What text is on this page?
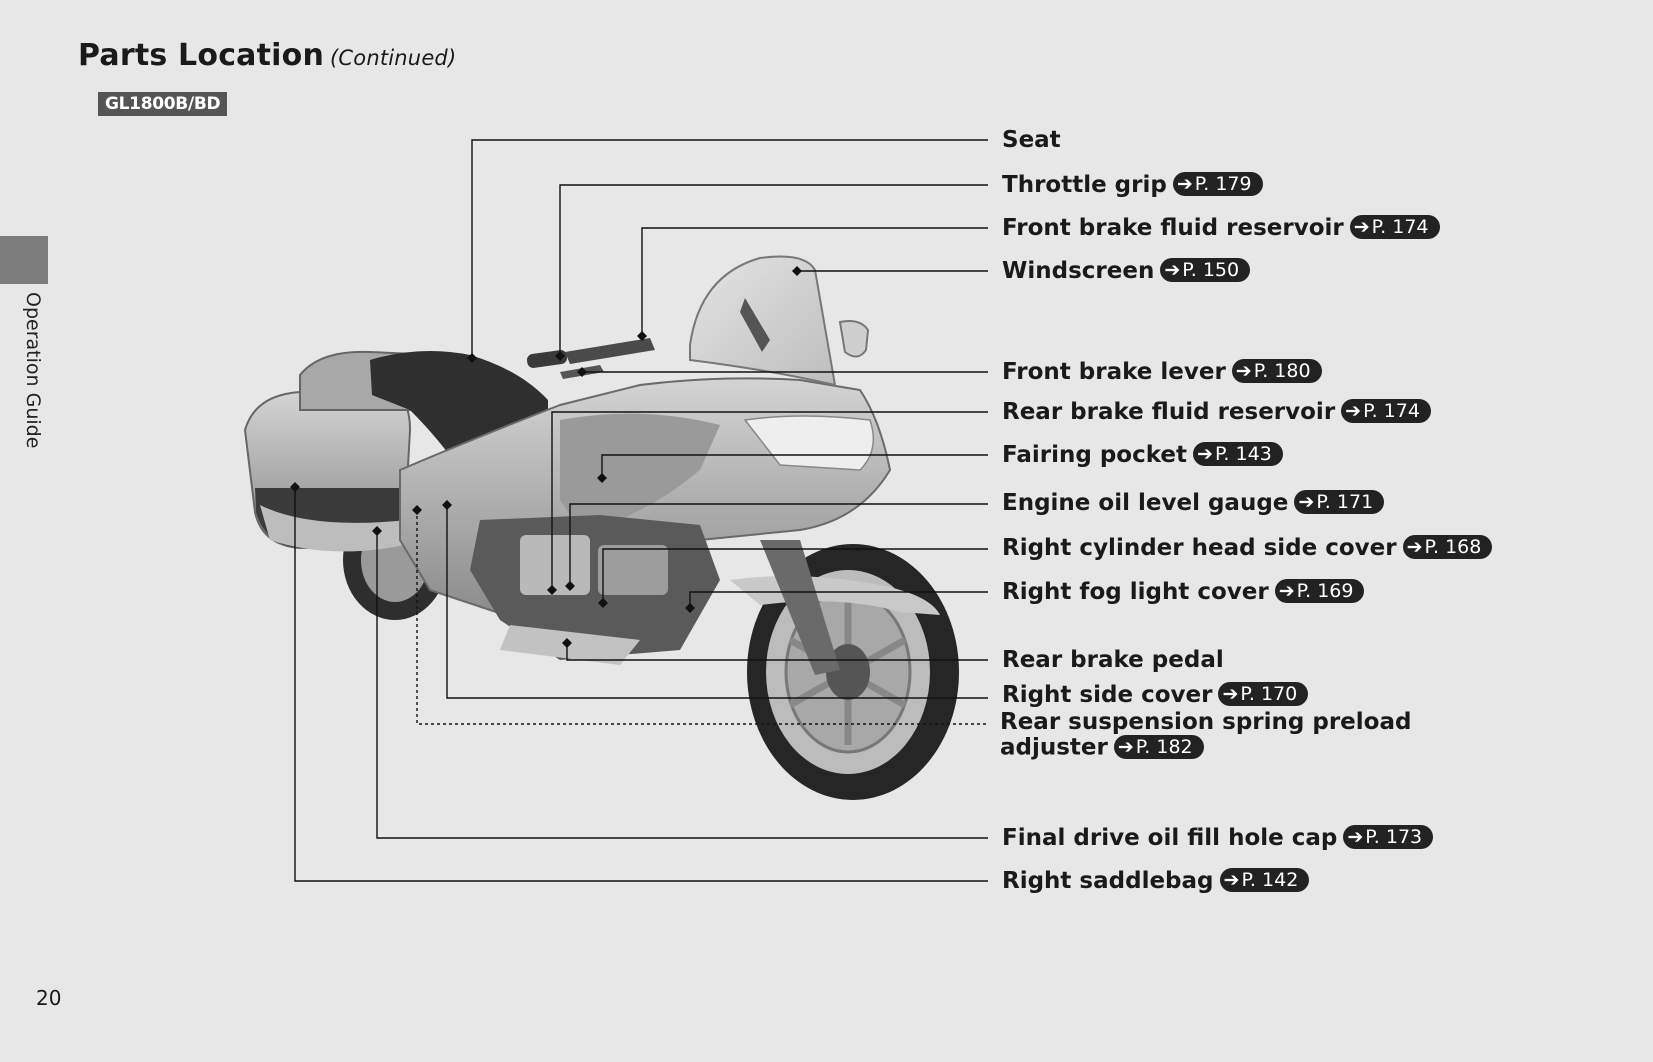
Parts Location (Continued)
GL1800B/BD
Operation Guide
Seat
Throttle grip ➔ P. 179
Front brake fluid reservoir ➔ P. 174
Windscreen ➔ P. 150
Front brake lever ➔ P. 180
Rear brake fluid reservoir ➔ P. 174
Fairing pocket ➔ P. 143
Engine oil level gauge ➔ P. 171
Right cylinder head side cover ➔ P. 168
Right fog light cover ➔ P. 169
Rear brake pedal
Right side cover ➔ P. 170
Rear suspension spring preload adjuster ➔ P. 182
Final drive oil fill hole cap ➔ P. 173
Right saddlebag ➔ P. 142
20
